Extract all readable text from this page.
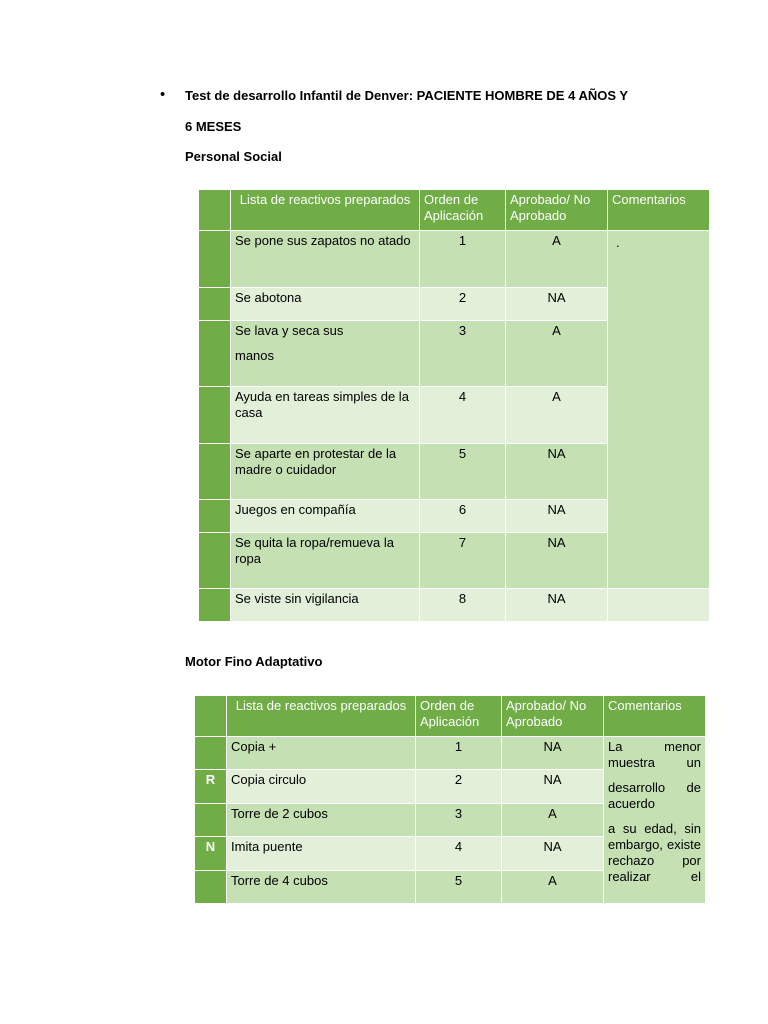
• Test de desarrollo Infantil de Denver: PACIENTE HOMBRE DE 4 AÑOS Y
6 MESES
Personal Social
	Lista de reactivos preparados	Orden de Aplicación	Aprobado/ No Aprobado	Comentarios
	Se pone sus zapatos no atado	1	A	.
	Se abotona	2	NA	

	Se lava y seca sus
manos	3	A	
	Ayuda en tareas simples de la casa	4	A	
	Se aparte en protestar de la madre o cuidador	5	NA	
	Juegos en compañía	6	NA	
	Se quita la ropa/remueva la ropa	7	NA	
	Se viste sin vigilancia	8	NA	
Motor Fino Adaptativo
	Lista de reactivos preparados	Orden de Aplicación	Aprobado/ No Aprobado	Comentarios
	Copia +	1	NA	La menor muestra un

desarrollo de acuerdo

a su edad, sin embargo, existe rechazo por realizar el

R	Copia circulo	2	NA	
	Torre de 2 cubos	3	A	
N	Imita puente	4	NA	
	Torre de 4 cubos	5	A	
